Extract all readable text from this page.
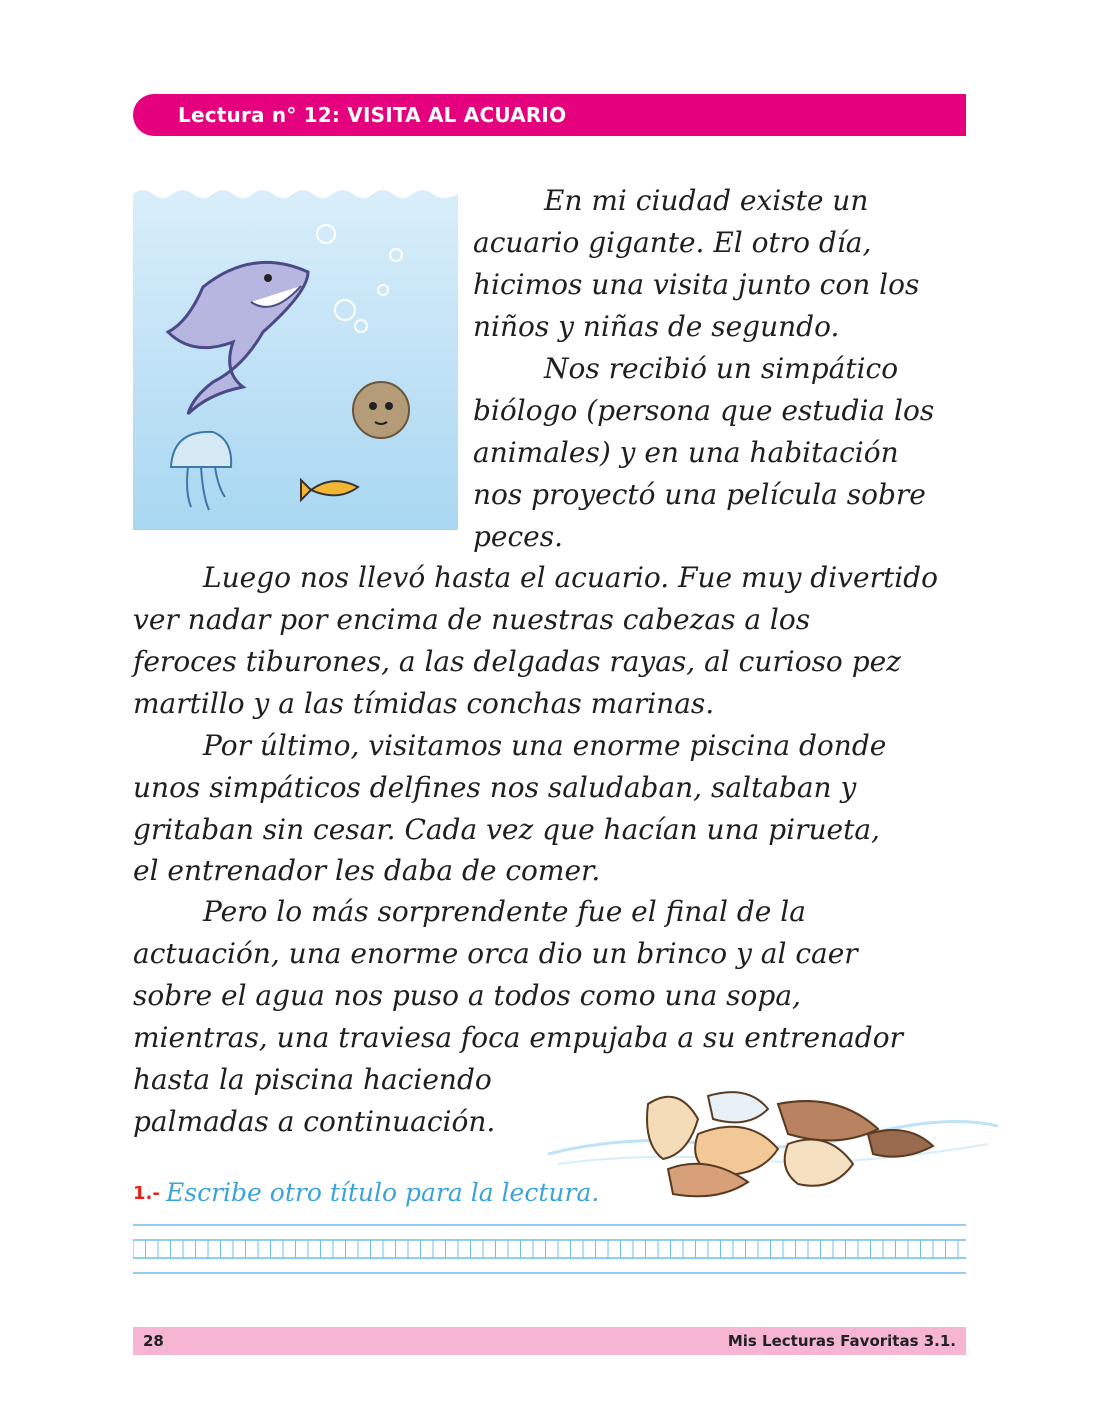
Lectura n° 12: VISITA AL ACUARIO
En mi ciudad existe un
acuario gigante. El otro día,
hicimos una visita junto con los
niños y niñas de segundo.
Nos recibió un simpático
biólogo (persona que estudia los
animales) y en una habitación
nos proyectó una película sobre
peces.
Luego nos llevó hasta el acuario. Fue muy divertido
ver nadar por encima de nuestras cabezas a los
feroces tiburones, a las delgadas rayas, al curioso pez
martillo y a las tímidas conchas marinas.
Por último, visitamos una enorme piscina donde
unos simpáticos delfines nos saludaban, saltaban y
gritaban sin cesar. Cada vez que hacían una pirueta,
el entrenador les daba de comer.
Pero lo más sorprendente fue el final de la
actuación, una enorme orca dio un brinco y al caer
sobre el agua nos puso a todos como una sopa,
mientras, una traviesa foca empujaba a su entrenador
hasta la piscina haciendo
palmadas a continuación.
1.- Escribe otro título para la lectura.
28	Mis Lecturas Favoritas 3.1.
